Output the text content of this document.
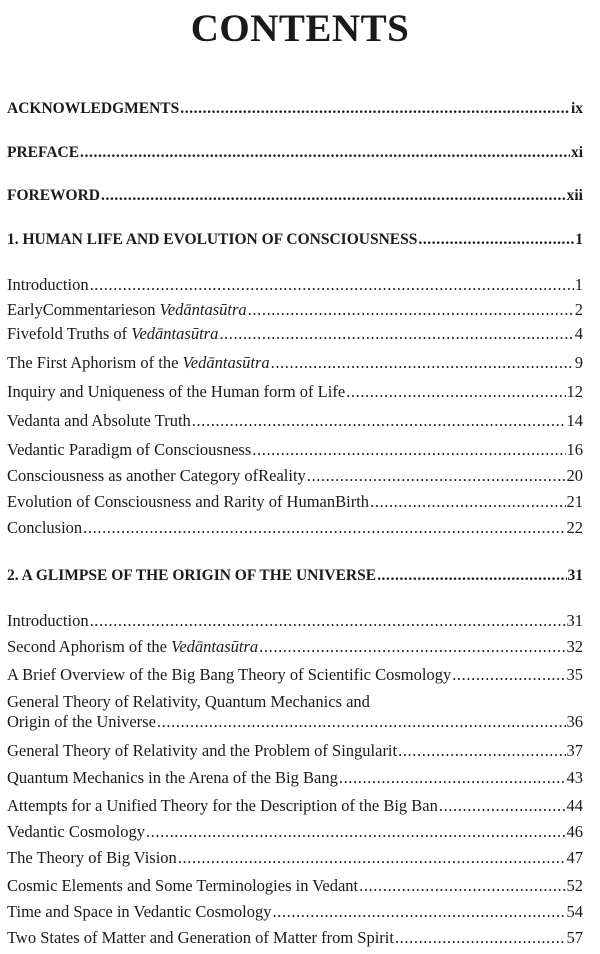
CONTENTS
ACKNOWLEDGMENTS .....	ix
PREFACE .....	xi
FOREWORD .....	xii
1. HUMAN LIFE AND EVOLUTION OF CONSCIOUSNESS .....	1
Introduction .....	1
EarlyCommentarieson Vedāntasūtra .....	2
Fivefold Truths of Vedāntasūtra .....	4
The First Aphorism of the Vedāntasūtra .....	9
Inquiry and Uniqueness of the Human form of Life .....	12
Vedanta and Absolute Truth .....	14
Vedantic Paradigm of Consciousness .....	16
Consciousness as another Category ofReality .....	20
Evolution of Consciousness and Rarity of HumanBirth .....	21
Conclusion .....	22
2. A GLIMPSE OF THE ORIGIN OF THE UNIVERSE .....	31
Introduction .....	31
Second Aphorism of the Vedāntasūtra .....	32
A Brief Overview of the Big Bang Theory of Scientific Cosmology .....	35
General Theory of Relativity, Quantum Mechanics and
Origin of the Universe .....	36
General Theory of Relativity and the Problem of Singularit .....	37
Quantum Mechanics in the Arena of the Big Bang .....	43
Attempts for a Unified Theory for the Description of the Big Ban .....	44
Vedantic Cosmology .....	46
The Theory of Big Vision .....	47
Cosmic Elements and Some Terminologies in Vedant .....	52
Time and Space in Vedantic Cosmology .....	54
Two States of Matter and Generation of Matter from Spirit .....	57
